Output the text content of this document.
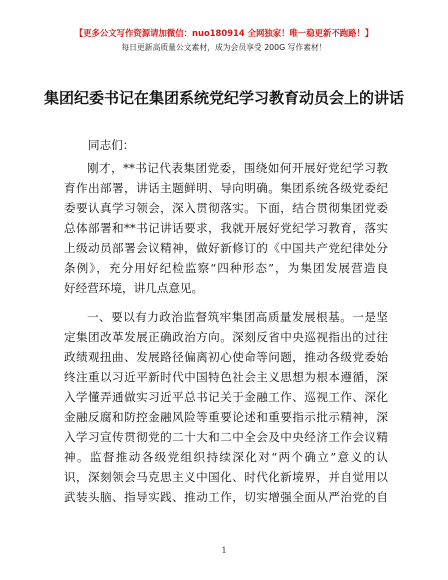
【更多公文写作资源请加微信：nuo180914 全网独家！唯一稳更新不跑路！】
每日更新高质量公文素材，成为会员享受 200G 写作素材！
集团纪委书记在集团系统党纪学习教育动员会上的讲话
同志们：
刚才，**书记代表集团党委，围绕如何开展好党纪学习教
育作出部署，讲话主题鲜明、导向明确。集团系统各级党委纪
委要认真学习领会，深入贯彻落实。下面，结合贯彻集团党委
总体部署和**书记讲话要求，我就开展好党纪学习教育，落实
上级动员部署会议精神，做好新修订的《中国共产党纪律处分
条例》，充分用好纪检监察“四种形态”，为集团发展营造良
好经营环境，讲几点意见。
一、要以有力政治监督筑牢集团高质量发展根基。一是坚
定集团改革发展正确政治方向。深刻反省中央巡视指出的过往
政绩观扭曲、发展路径偏离初心使命等问题，推动各级党委始
终注重以习近平新时代中国特色社会主义思想为根本遵循，深
入学懂弄通做实习近平总书记关于金融工作、巡视工作、深化
金融反腐和防控金融风险等重要论述和重要指示批示精神，深
入学习宣传贯彻党的二十大和二中全会及中央经济工作会议精
神。监督推动各级党组织持续深化对“两个确立”意义的认
识，深刻领会马克思主义中国化、时代化新境界，并自觉用以
武装头脑、指导实践、推动工作，切实增强全面从严治党的自
1
